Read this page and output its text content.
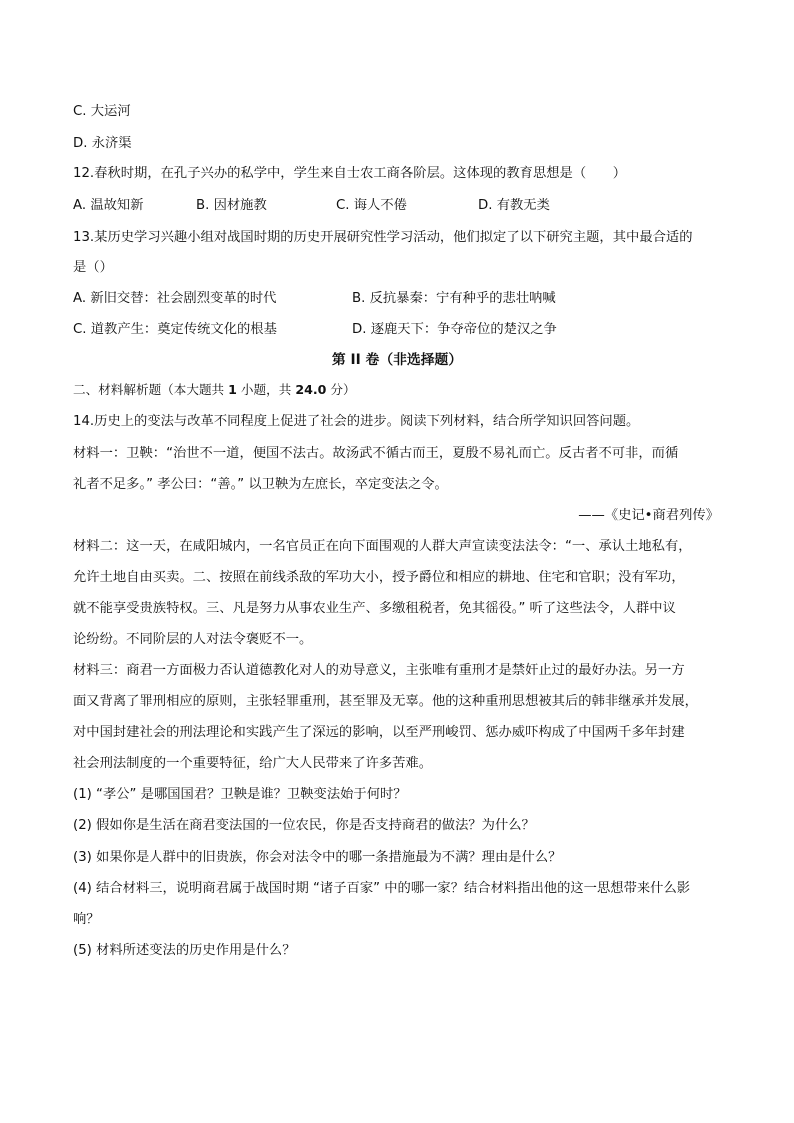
C. 大运河
D. 永济渠
12.春秋时期，在孔子兴办的私学中，学生来自士农工商各阶层。这体现的教育思想是（　　）
A. 温故知新	B. 因材施教	C. 诲人不倦	D. 有教无类
13.某历史学习兴趣小组对战国时期的历史开展研究性学习活动，他们拟定了以下研究主题，其中最合适的
是（）
A. 新旧交替：社会剧烈变革的时代	B. 反抗暴秦：宁有种乎的悲壮呐喊
C. 道教产生：奠定传统文化的根基	D. 逐鹿天下：争夺帝位的楚汉之争
第 II 卷（非选择题）
二、材料解析题（本大题共 1 小题，共 24.0 分）
14.历史上的变法与改革不同程度上促进了社会的进步。阅读下列材料，结合所学知识回答问题。
材料一：卫鞅：“治世不一道，便国不法古。故汤武不循古而王，夏殷不易礼而亡。反古者不可非，而循
礼者不足多。” 孝公曰：“善。” 以卫鞅为左庶长，卒定变法之令。
——《史记•商君列传》
材料二：这一天，在咸阳城内，一名官员正在向下面围观的人群大声宣读变法法令：“一、承认土地私有，
允许土地自由买卖。二、按照在前线杀敌的军功大小，授予爵位和相应的耕地、住宅和官职；没有军功，
就不能享受贵族特权。三、凡是努力从事农业生产、多缴租税者，免其徭役。” 听了这些法令，人群中议
论纷纷。不同阶层的人对法令褒贬不一。
材料三：商君一方面极力否认道德教化对人的劝导意义，主张唯有重刑才是禁奸止过的最好办法。另一方
面又背离了罪刑相应的原则，主张轻罪重刑，甚至罪及无辜。他的这种重刑思想被其后的韩非继承并发展，
对中国封建社会的刑法理论和实践产生了深远的影响，以至严刑峻罚、惩办威吓构成了中国两千多年封建
社会刑法制度的一个重要特征，给广大人民带来了许多苦难。
(1) “孝公” 是哪国国君？卫鞅是谁？卫鞅变法始于何时？
(2) 假如你是生活在商君变法国的一位农民，你是否支持商君的做法？为什么？
(3) 如果你是人群中的旧贵族，你会对法令中的哪一条措施最为不满？理由是什么？
(4) 结合材料三，说明商君属于战国时期 “诸子百家” 中的哪一家？结合材料指出他的这一思想带来什么影
响？
(5) 材料所述变法的历史作用是什么？
